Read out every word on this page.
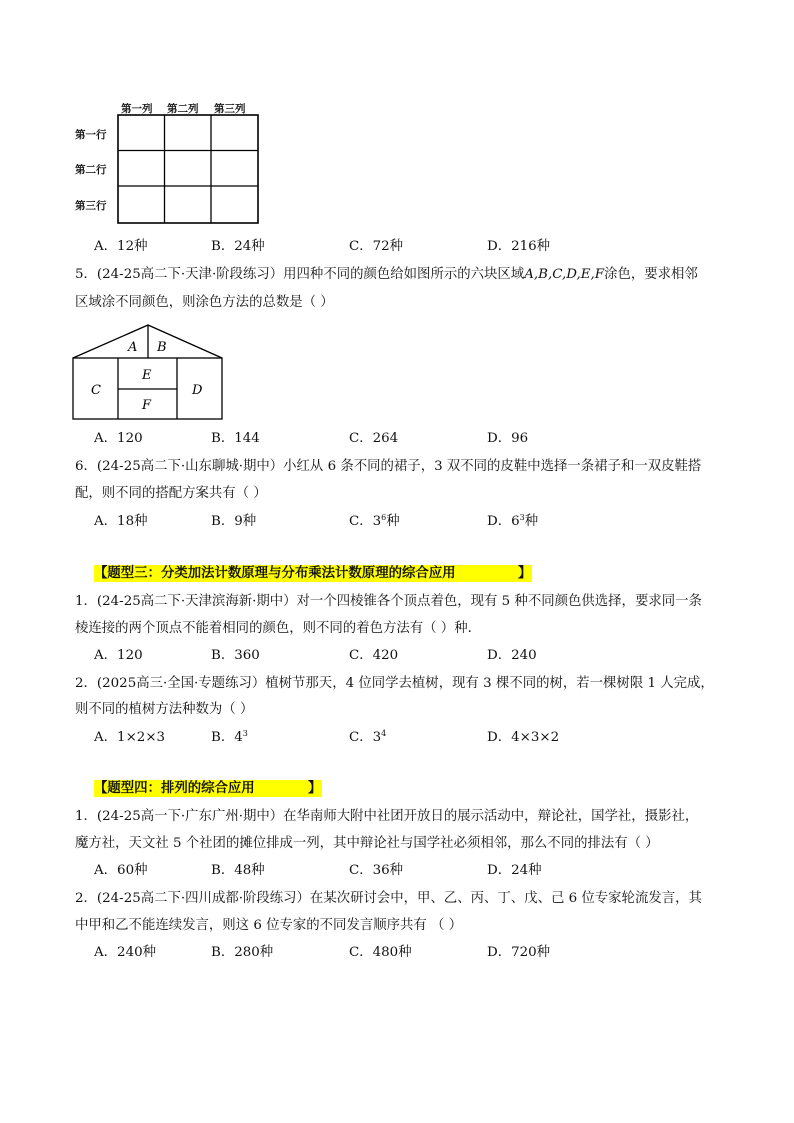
第一列 第二列 第三列
第一行
第二行
第三行
A．12种	B．24种	C．72种	D．216种
5．(24-25高二下·天津·阶段练习）用四种不同的颜色给如图所示的六块区域A,B,C,D,E,F涂色，要求相邻
区域涂不同颜色，则涂色方法的总数是（ ）
A B
C
E
F
D
A．120	B．144	C．264	D．96
6．(24-25高二下·山东聊城·期中）小红从 6 条不同的裙子，3 双不同的皮鞋中选择一条裙子和一双皮鞋搭
配，则不同的搭配方案共有（ ）
A．18种	B．9种	C．$3^6$种	D．$6^3$种
【题型三：分类加法计数原理与分布乘法计数原理的综合应用	】
1．(24-25高二下·天津滨海新·期中）对一个四棱锥各个顶点着色，现有 5 种不同颜色供选择，要求同一条
棱连接的两个顶点不能着相同的颜色，则不同的着色方法有（ ）种．
A．120	B．360	C．420	D．240
2．(2025高三·全国·专题练习）植树节那天，4 位同学去植树，现有 3 棵不同的树，若一棵树限 1 人完成，
则不同的植树方法种数为（ ）
A．1×2×3	B．$4^3$	C．$3^4$	D．4×3×2
【题型四：排列的综合应用	】
1．(24-25高一下·广东广州·期中）在华南师大附中社团开放日的展示活动中，辩论社，国学社，摄影社，
魔方社，天文社 5 个社团的摊位排成一列，其中辩论社与国学社必须相邻，那么不同的排法有（ ）
A．60种	B．48种	C．36种	D．24种
2．(24-25高二下·四川成都·阶段练习）在某次研讨会中，甲、乙、丙、丁、戊、己 6 位专家轮流发言，其
中甲和乙不能连续发言，则这 6 位专家的不同发言顺序共有 （ ）
A．240种	B．280种	C．480种	D．720种
